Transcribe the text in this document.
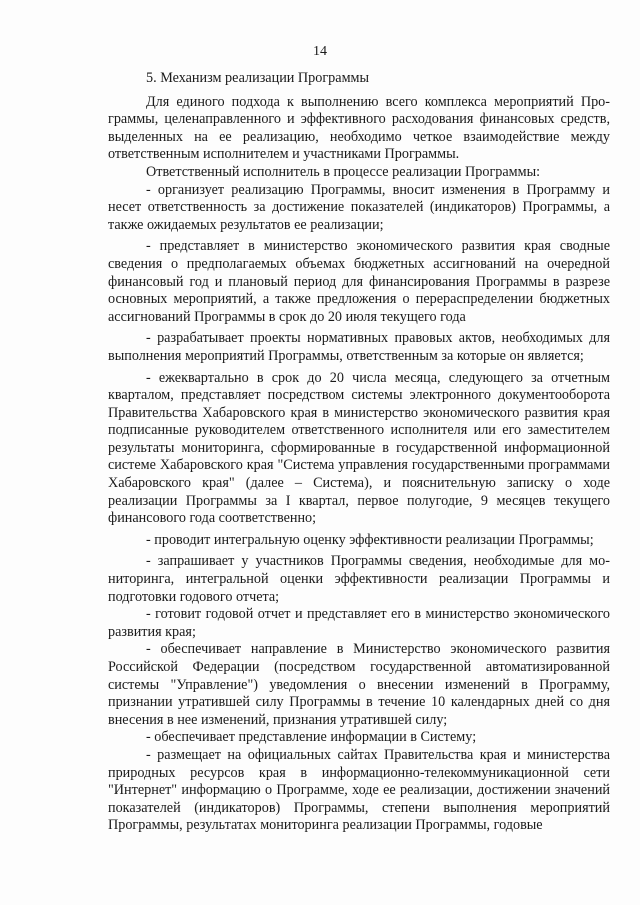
14

5. Механизм реализации Программы

Для единого подхода к выполнению всего комплекса мероприятий Программы, целенаправленного и эффективного расходования финансовых средств, выделенных на ее реализацию, необходимо четкое взаимодействие между ответственным исполнителем и участниками Программы.

Ответственный исполнитель в процессе реализации Программы:

- организует реализацию Программы, вносит изменения в Программу и несет ответственность за достижение показателей (индикаторов) Программы, а также ожидаемых результатов ее реализации;

- представляет в министерство экономического развития края сводные сведения о предполагаемых объемах бюджетных ассигнований на очередной финансовый год и плановый период для финансирования Программы в разрезе основных мероприятий, а также предложения о перераспределении бюджетных ассигнований Программы в срок до 20 июля текущего года

- разрабатывает проекты нормативных правовых актов, необходимых для выполнения мероприятий Программы, ответственным за которые он является;

- ежеквартально в срок до 20 числа месяца, следующего за отчетным кварталом, представляет посредством системы электронного документооборота Правительства Хабаровского края в министерство экономического развития края подписанные руководителем ответственного исполнителя или его заместителем результаты мониторинга, сформированные в государственной информационной системе Хабаровского края "Система управления государственными программами Хабаровского края" (далее – Система), и пояснительную записку о ходе реализации Программы за I квартал, первое полугодие, 9 месяцев текущего финансового года соответственно;

- проводит интегральную оценку эффективности реализации Программы;

- запрашивает у участников Программы сведения, необходимые для мониторинга, интегральной оценки эффективности реализации Программы и подготовки годового отчета;

- готовит годовой отчет и представляет его в министерство экономического развития края;

- обеспечивает направление в Министерство экономического развития Российской Федерации (посредством государственной автоматизированной системы "Управление") уведомления о внесении изменений в Программу, признании утратившей силу Программы в течение 10 календарных дней со дня внесения в нее изменений, признания утратившей силу;

- обеспечивает представление информации в Систему;

- размещает на официальных сайтах Правительства края и министерства природных ресурсов края в информационно-телекоммуникационной сети "Интернет" информацию о Программе, ходе ее реализации, достижении значений показателей (индикаторов) Программы, степени выполнения мероприятий Программы, результатах мониторинга реализации Программы, годовые
